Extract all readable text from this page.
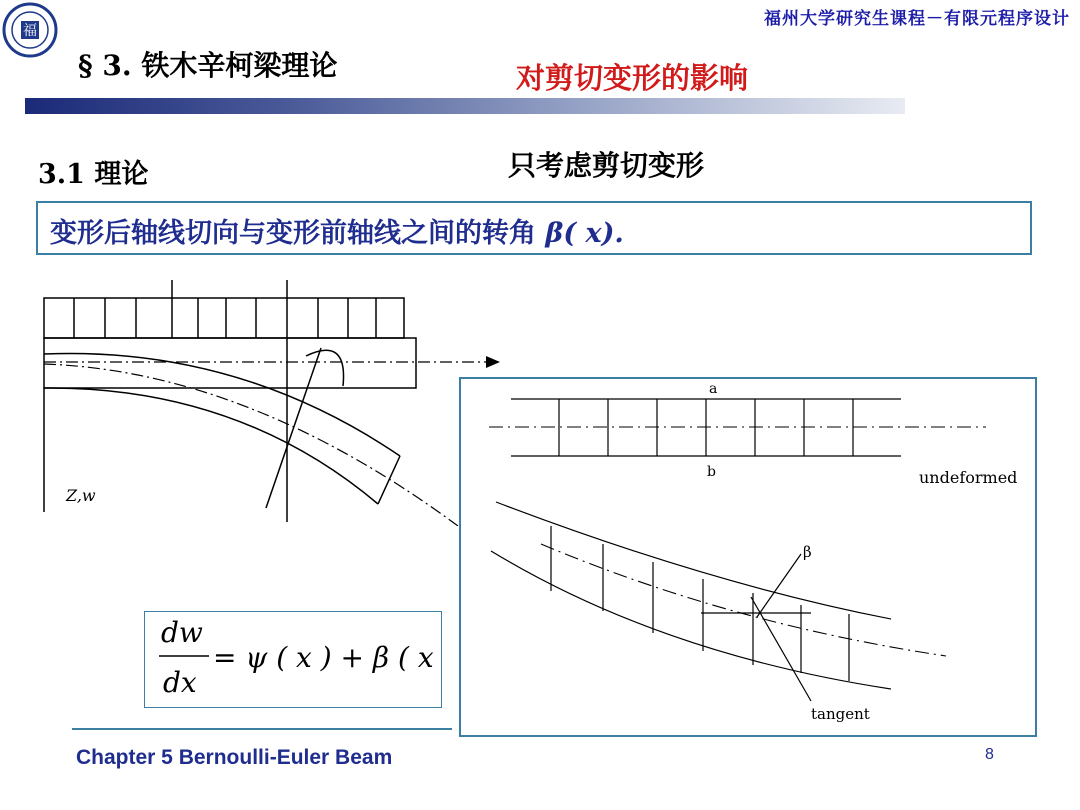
福
福州大学研究生课程－有限元程序设计
§ 3. 铁木辛柯梁理论	对剪切变形的影响
3.1 理论	只考虑剪切变形
变形后轴线切向与变形前轴线之间的转角 β( x).
Z,w
a
b	undeformed
β
tangent
dw
dx
= ψ ( x ) + β ( x )
Chapter 5 Bernoulli-Euler Beam	8
